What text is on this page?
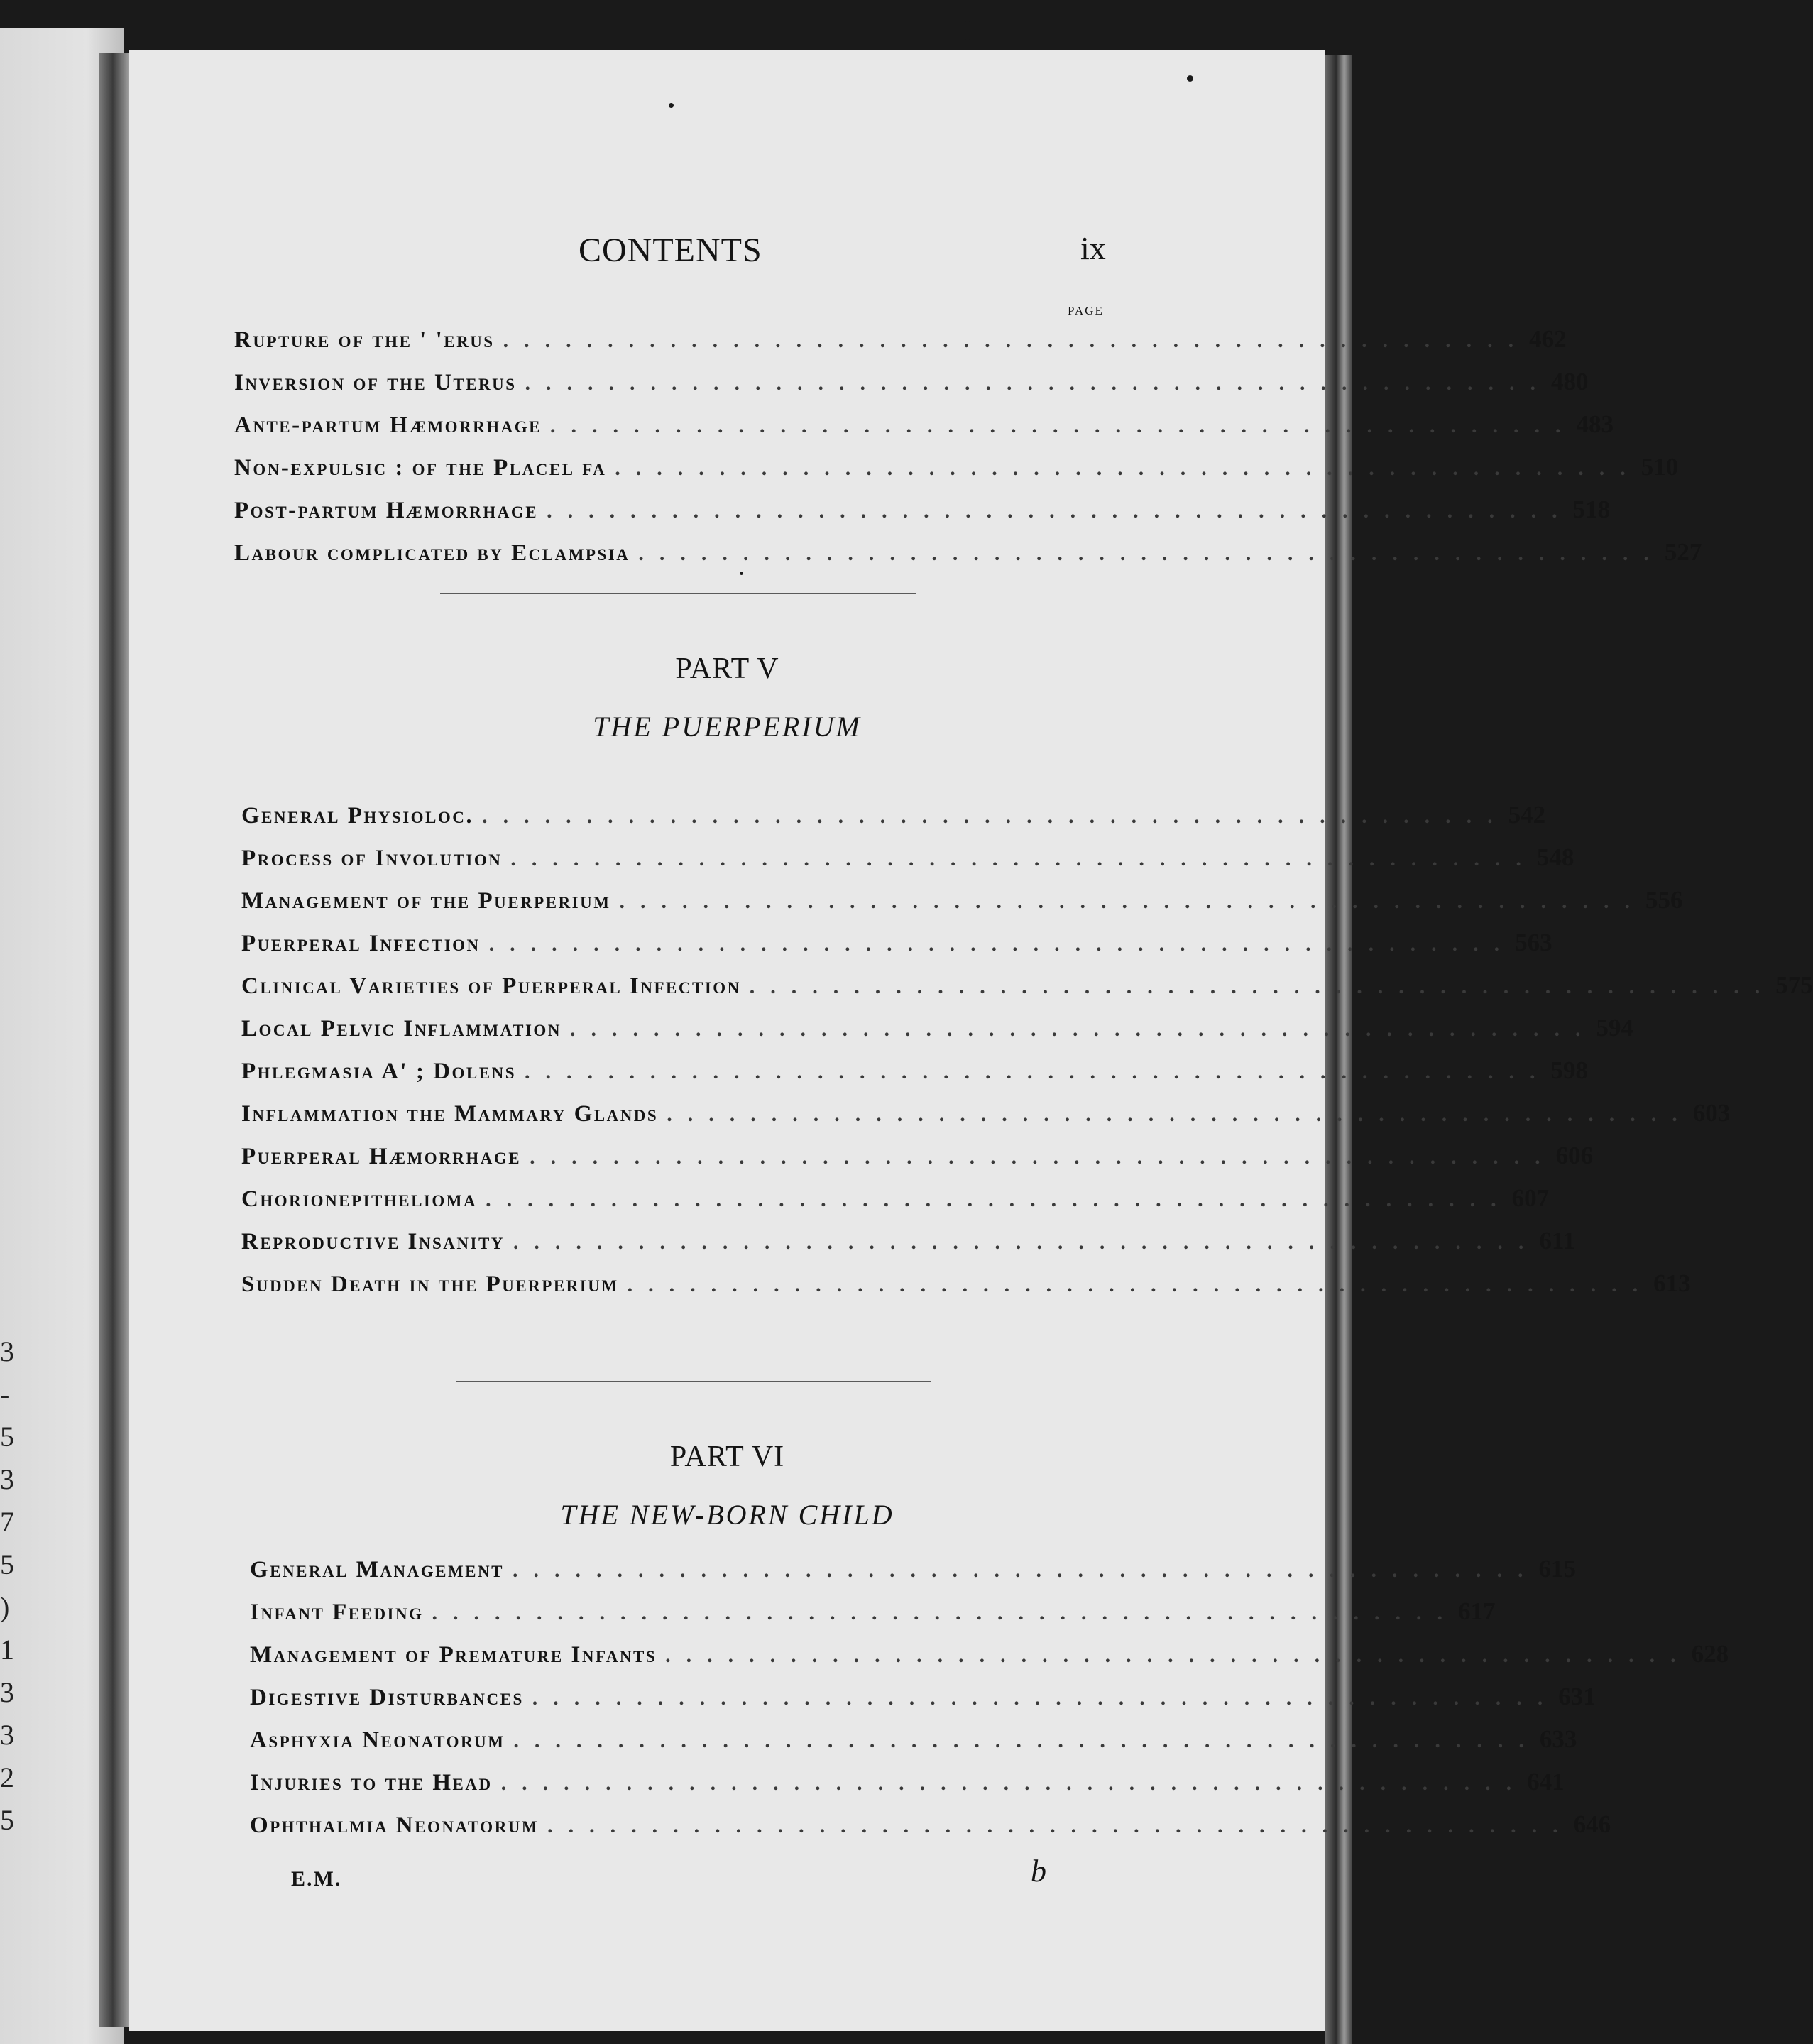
3
-
5
3
7
5
)
1
3
3
2
5
CONTENTS	ix
PAGE
Rupture of the ' 'erus ................................................. 462
Inversion of the Uterus ................................................. 480
Ante-partum Hæmorrhage ................................................. 483
Non-expulsic : of the Placel fa ................................................. 510
Post-partum Hæmorrhage ................................................. 518
Labour complicated by Eclampsia ................................................. 527
PART V
THE PUERPERIUM
General Physioloc. ................................................. 542
Process of Involution ................................................. 548
Management of the Puerperium ................................................. 556
Puerperal Infection ................................................. 563
Clinical Varieties of Puerperal Infection ................................................. 575
Local Pelvic Inflammation ................................................. 594
Phlegmasia A' ; Dolens ................................................. 598
Inflammation the Mammary Glands ................................................. 603
Puerperal Hæmorrhage ................................................. 606
Chorionepithelioma ................................................. 607
Reproductive Insanity ................................................. 611
Sudden Death in the Puerperium ................................................. 613
PART VI
THE NEW-BORN CHILD
General Management ................................................. 615
Infant Feeding ................................................. 617
Management of Premature Infants ................................................. 628
Digestive Disturbances ................................................. 631
Asphyxia Neonatorum ................................................. 633
Injuries to the Head ................................................. 641
Ophthalmia Neonatorum ................................................. 646
E.M.	b
